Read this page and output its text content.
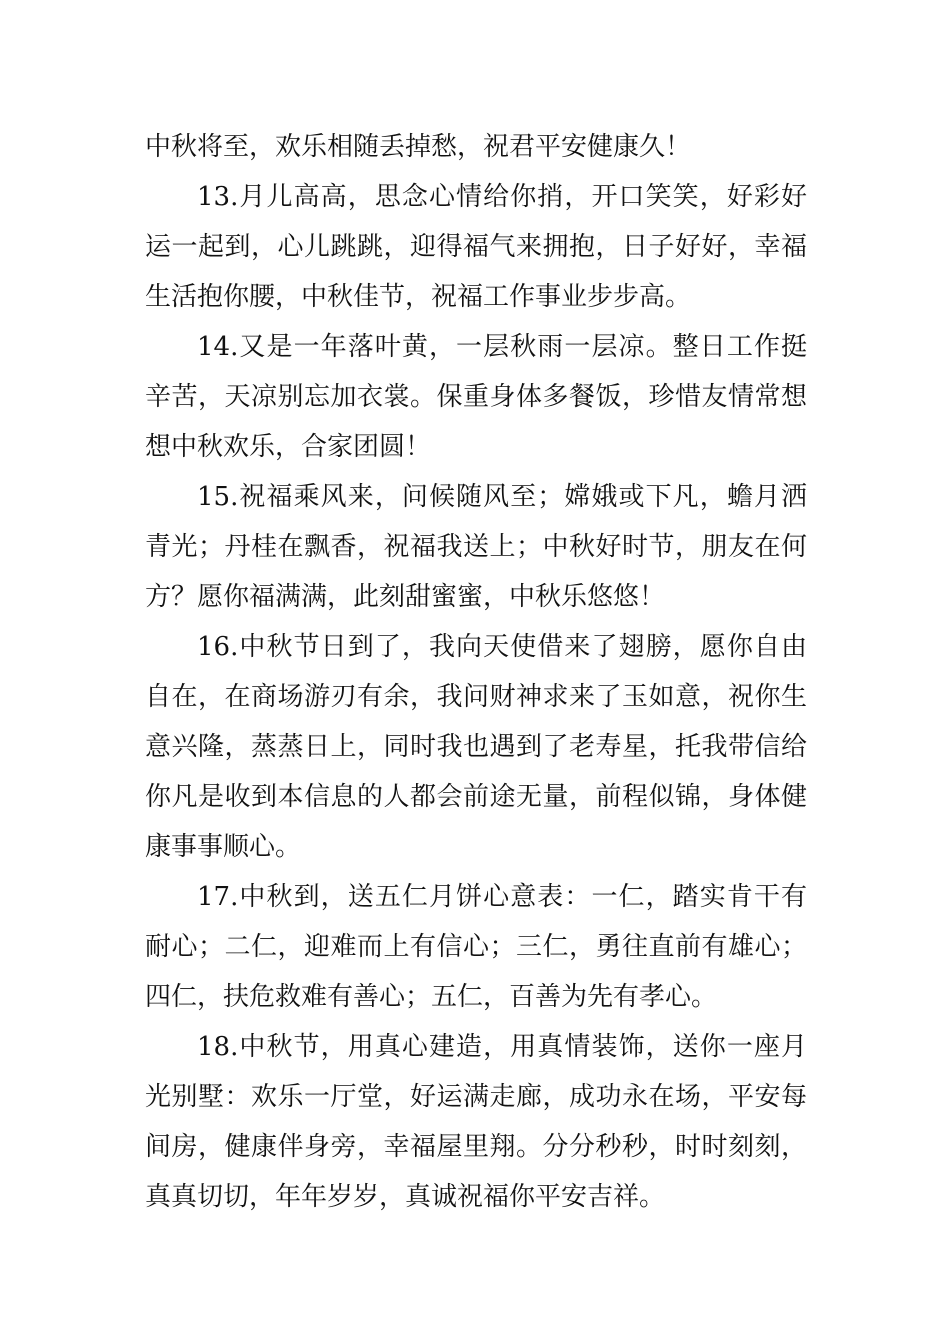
中秋将至，欢乐相随丢掉愁，祝君平安健康久！

13.月儿高高，思念心情给你捎，开口笑笑，好彩好运一起到，心儿跳跳，迎得福气来拥抱，日子好好，幸福生活抱你腰，中秋佳节，祝福工作事业步步高。

14.又是一年落叶黄，一层秋雨一层凉。整日工作挺辛苦，天凉别忘加衣裳。保重身体多餐饭，珍惜友情常想想中秋欢乐，合家团圆！

15.祝福乘风来，问候随风至；嫦娥或下凡，蟾月洒青光；丹桂在飘香，祝福我送上；中秋好时节，朋友在何方？愿你福满满，此刻甜蜜蜜，中秋乐悠悠！

16.中秋节日到了，我向天使借来了翅膀，愿你自由自在，在商场游刃有余，我问财神求来了玉如意，祝你生意兴隆，蒸蒸日上，同时我也遇到了老寿星，托我带信给你凡是收到本信息的人都会前途无量，前程似锦，身体健康事事顺心。

17.中秋到，送五仁月饼心意表：一仁，踏实肯干有耐心；二仁，迎难而上有信心；三仁，勇往直前有雄心；四仁，扶危救难有善心；五仁，百善为先有孝心。

18.中秋节，用真心建造，用真情装饰，送你一座月光别墅：欢乐一厅堂，好运满走廊，成功永在场，平安每间房，健康伴身旁，幸福屋里翔。分分秒秒，时时刻刻，真真切切，年年岁岁，真诚祝福你平安吉祥。
